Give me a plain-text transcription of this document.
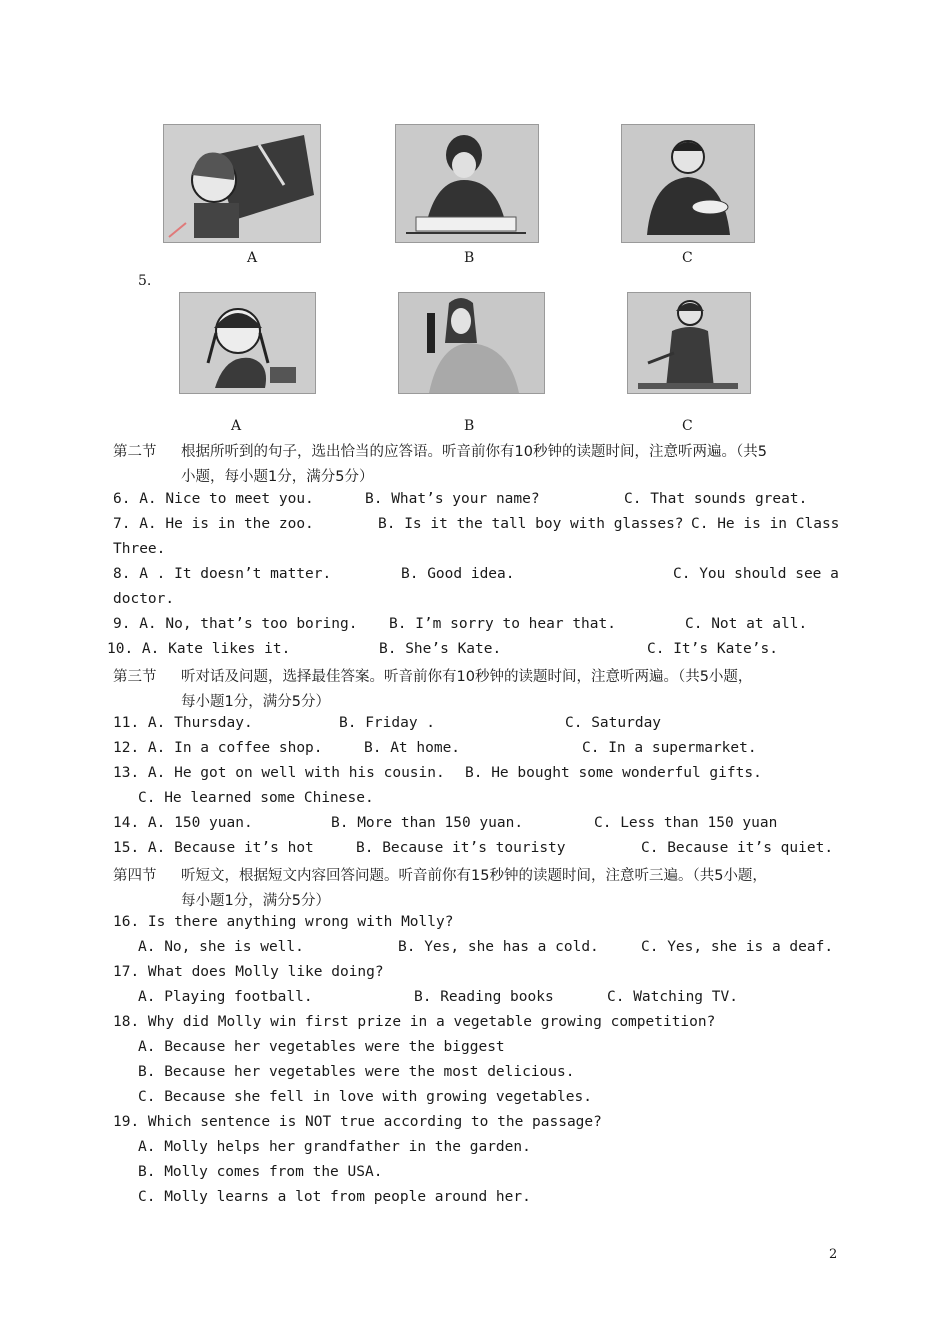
A	B	C
5.
A	B	C
第二节 根据所听到的句子，选出恰当的应答语。听音前你有10秒钟的读题时间，注意听两遍。（共5
小题，每小题1分，满分5分）
6. A. Nice to meet you.	B. What’s your name?	C. That sounds great.
7. A. He is in the zoo.	B. Is it the tall boy with glasses? C. He is in Class
Three.
8. A . It doesn’t matter.	B. Good idea.	C. You should see a
doctor.
9. A. No, that’s too boring. B. I’m sorry to hear that.	C. Not at all.
10. A. Kate likes it.	B. She’s Kate.	C. It’s Kate’s.
第三节 听对话及问题，选择最佳答案。听音前你有10秒钟的读题时间，注意听两遍。（共5小题，
每小题1分，满分5分）
11. A. Thursday.	B. Friday .	C. Saturday
12. A. In a coffee shop.	B. At home.	C. In a supermarket.
13. A. He got on well with his cousin. B. He bought some wonderful gifts.
C. He learned some Chinese.
14. A. 150 yuan.	B. More than 150 yuan.	C. Less than 150 yuan
15. A. Because it’s hot	B. Because it’s touristy	C. Because it’s quiet.
第四节 听短文，根据短文内容回答问题。听音前你有15秒钟的读题时间，注意听三遍。（共5小题，
每小题1分，满分5分）
16. Is there anything wrong with Molly?
A. No, she is well.	B. Yes, she has a cold.	C. Yes, she is a deaf.
17. What does Molly like doing?
A. Playing football.	B. Reading books	C. Watching TV.
18. Why did Molly win first prize in a vegetable growing competition?
A. Because her vegetables were the biggest
B. Because her vegetables were the most delicious.
C. Because she fell in love with growing vegetables.
19. Which sentence is NOT true according to the passage?
A. Molly helps her grandfather in the garden.
B. Molly comes from the USA.
C. Molly learns a lot from people around her.
2
